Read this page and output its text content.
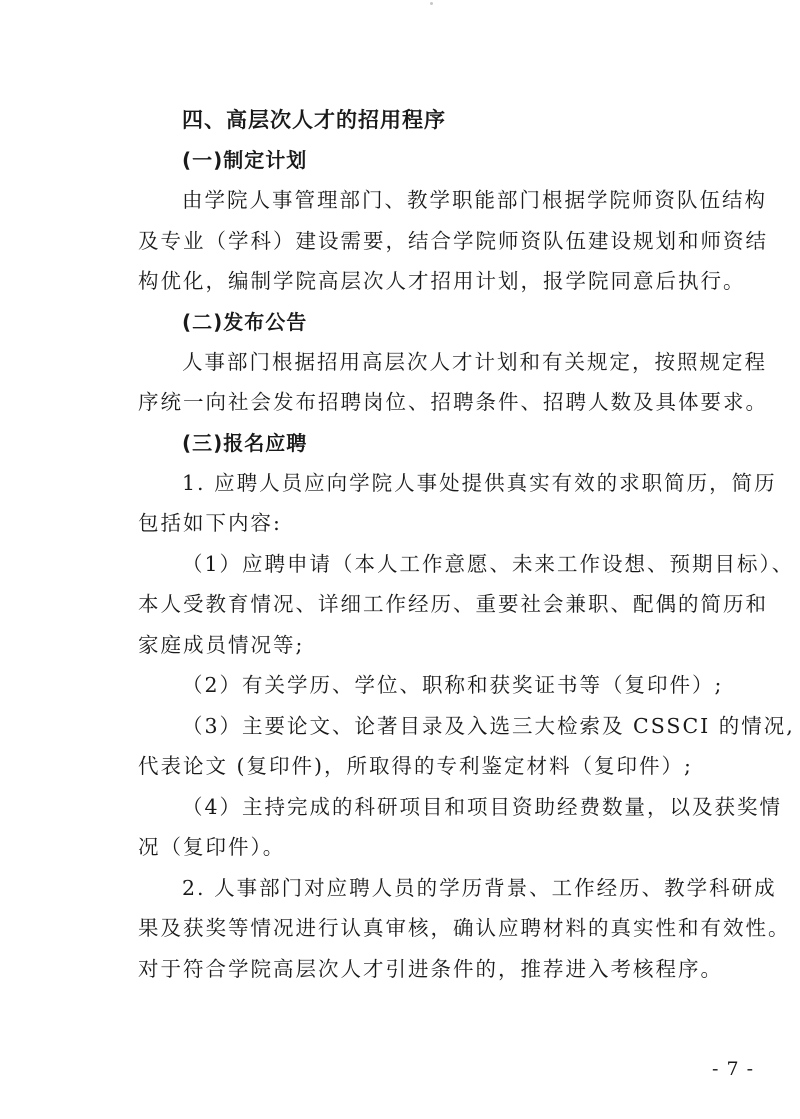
四、高层次人才的招用程序
(一)制定计划
由学院人事管理部门、教学职能部门根据学院师资队伍结构
及专业（学科）建设需要，结合学院师资队伍建设规划和师资结
构优化，编制学院高层次人才招用计划，报学院同意后执行。
(二)发布公告
人事部门根据招用高层次人才计划和有关规定，按照规定程
序统一向社会发布招聘岗位、招聘条件、招聘人数及具体要求。
(三)报名应聘
1. 应聘人员应向学院人事处提供真实有效的求职简历，简历
包括如下内容:
（1）应聘申请（本人工作意愿、未来工作设想、预期目标）、
本人受教育情况、详细工作经历、重要社会兼职、配偶的简历和
家庭成员情况等;
（2）有关学历、学位、职称和获奖证书等（复印件）;
（3）主要论文、论著目录及入选三大检索及 CSSCI 的情况,
代表论文 (复印件)，所取得的专利鉴定材料（复印件）;
（4）主持完成的科研项目和项目资助经费数量，以及获奖情
况（复印件）。
2. 人事部门对应聘人员的学历背景、工作经历、教学科研成
果及获奖等情况进行认真审核，确认应聘材料的真实性和有效性。
对于符合学院高层次人才引进条件的，推荐进入考核程序。
- 7 -
